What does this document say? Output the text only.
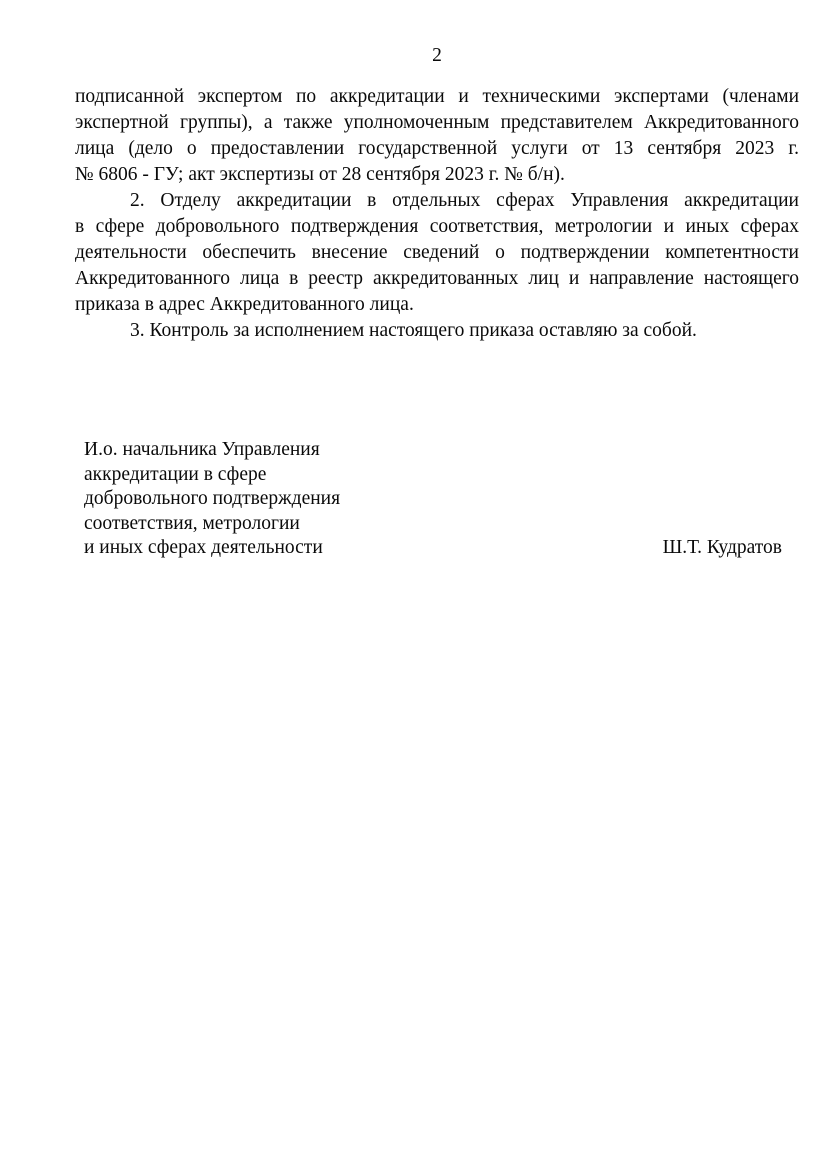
2
подписанной экспертом по аккредитации и техническими экспертами (членами
экспертной группы), а также уполномоченным представителем Аккредитованного
лица (дело о предоставлении государственной услуги от 13 сентября 2023 г.
№ 6806 - ГУ; акт экспертизы от 28 сентября 2023 г. № б/н).
2. Отделу аккредитации в отдельных сферах Управления аккредитации
в сфере добровольного подтверждения соответствия, метрологии и иных сферах
деятельности обеспечить внесение сведений о подтверждении компетентности
Аккредитованного лица в реестр аккредитованных лиц и направление настоящего
приказа в адрес Аккредитованного лица.
3. Контроль за исполнением настоящего приказа оставляю за собой.
И.о. начальника Управления
аккредитации в сфере
добровольного подтверждения
соответствия, метрологии
и иных сферах деятельности	Ш.Т. Кудратов
